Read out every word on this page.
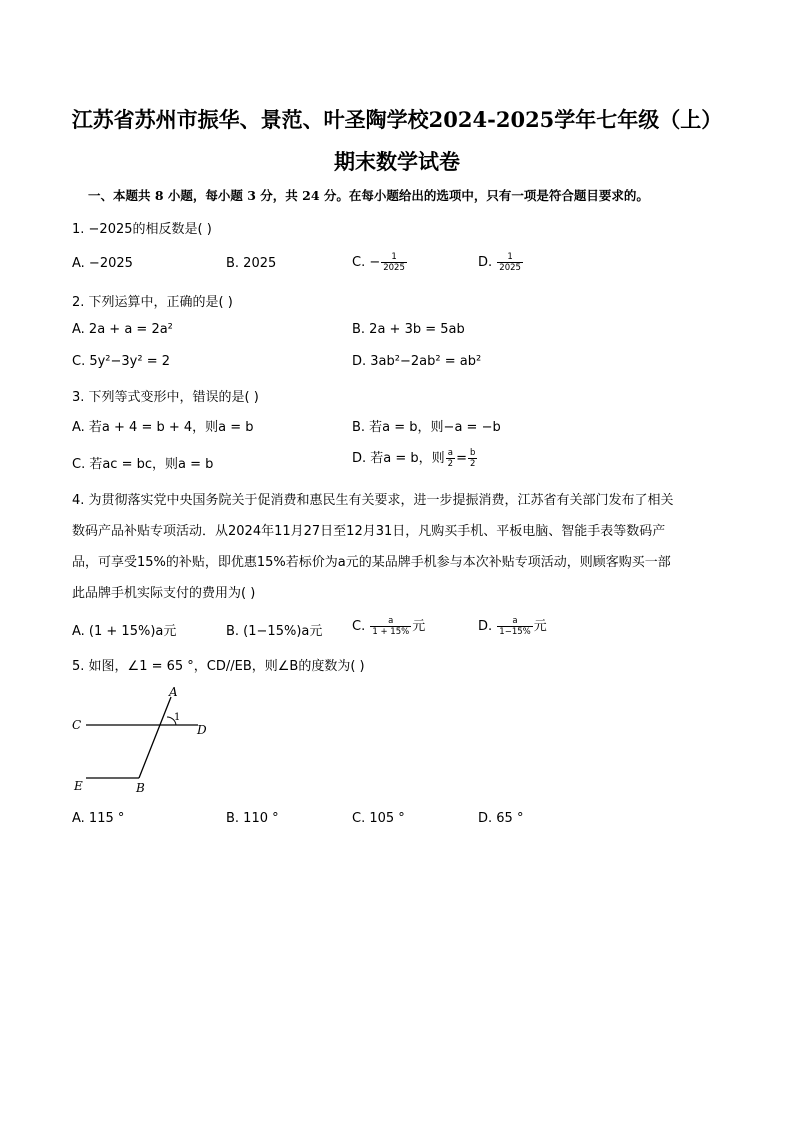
江苏省苏州市振华、景范、叶圣陶学校2024-2025学年七年级（上）
期末数学试卷
一、本题共 8 小题，每小题 3 分，共 24 分。在每小题给出的选项中，只有一项是符合题目要求的。
1. −2025的相反数是( )
A. −2025	B. 2025	C. − $\frac{1}{2025}$	D. $\frac{1}{2025}$
2. 下列运算中，正确的是( )
A. 2a + a = 2a²	B. 2a + 3b = 5ab
C. 5y²−3y² = 2	D. 3ab²−2ab² = ab²
3. 下列等式变形中，错误的是( )
A. 若a + 4 = b + 4，则a = b	B. 若a = b，则−a = −b
C. 若ac = bc，则a = b	D. 若a = b，则 $\frac{a}{2} = \frac{b}{2}$
4. 为贯彻落实党中央国务院关于促消费和惠民生有关要求，进一步提振消费，江苏省有关部门发布了相关
数码产品补贴专项活动．从2024年11月27日至12月31日，凡购买手机、平板电脑、智能手表等数码产
品，可享受15%的补贴，即优惠15%若标价为a元的某品牌手机参与本次补贴专项活动，则顾客购买一部
此品牌手机实际支付的费用为( )
A. (1 + 15%)a元	B. (1−15%)a元 C. $\frac{a}{1 + 15\%}$ 元	D. $\frac{a}{1-15\%}$ 元
5. 如图，∠1 = 65 °，CD//EB，则∠B的度数为( )
A
1
C	D
E	B
A. 115 °	B. 110 °	C. 105 °	D. 65 °
